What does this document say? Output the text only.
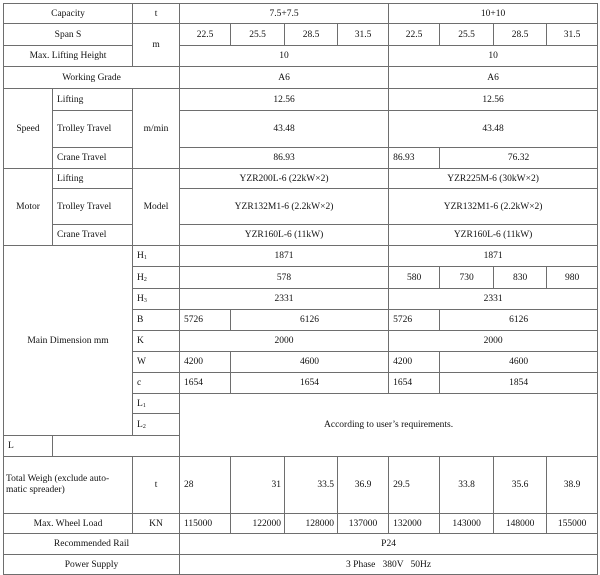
Capacity		t	7.5+7.5				10+10			
Span S		m	22.5	25.5	28.5	31.5	22.5	25.5	28.5	31.5
Max. Lifting Height			10				10			
Working Grade			A6				A6			
Speed	Lifting	m/min	12.56				12.56			
	Trolley Travel		43.48				43.48			
	Crane Travel		86.93				86.93	76.32		
Motor	Lifting	Model	YZR200L-6 (22kW×2)				YZR225M-6 (30kW×2)			
	Trolley Travel		YZR132M1-6 (2.2kW×2)				YZR132M1-6 (2.2kW×2)			
	Crane Travel		YZR160L-6 (11kW)				YZR160L-6 (11kW)			
Main Dimension mm		$H_1$	1871				1871			
		$H_2$	578				580	730	830	980
		$H_3$	2331				2331			
		B	5726	6126			5726	6126		
		K	2000				2000			
		W	4200	4600			4200	4600		
		c	1654	1654			1654	1854		
		$L_1$	According to user’s requirements.							
		$L_2$
L										
Total Weigh (exclude auto-matic spreader)		t	28	31	33.5	36.9	29.5	33.8	35.6	38.9
Max. Wheel Load		KN	115000	122000	128000	137000	132000	143000	148000	155000
Recommended Rail			P24							
Power Supply			3 Phase   380V   50Hz							
